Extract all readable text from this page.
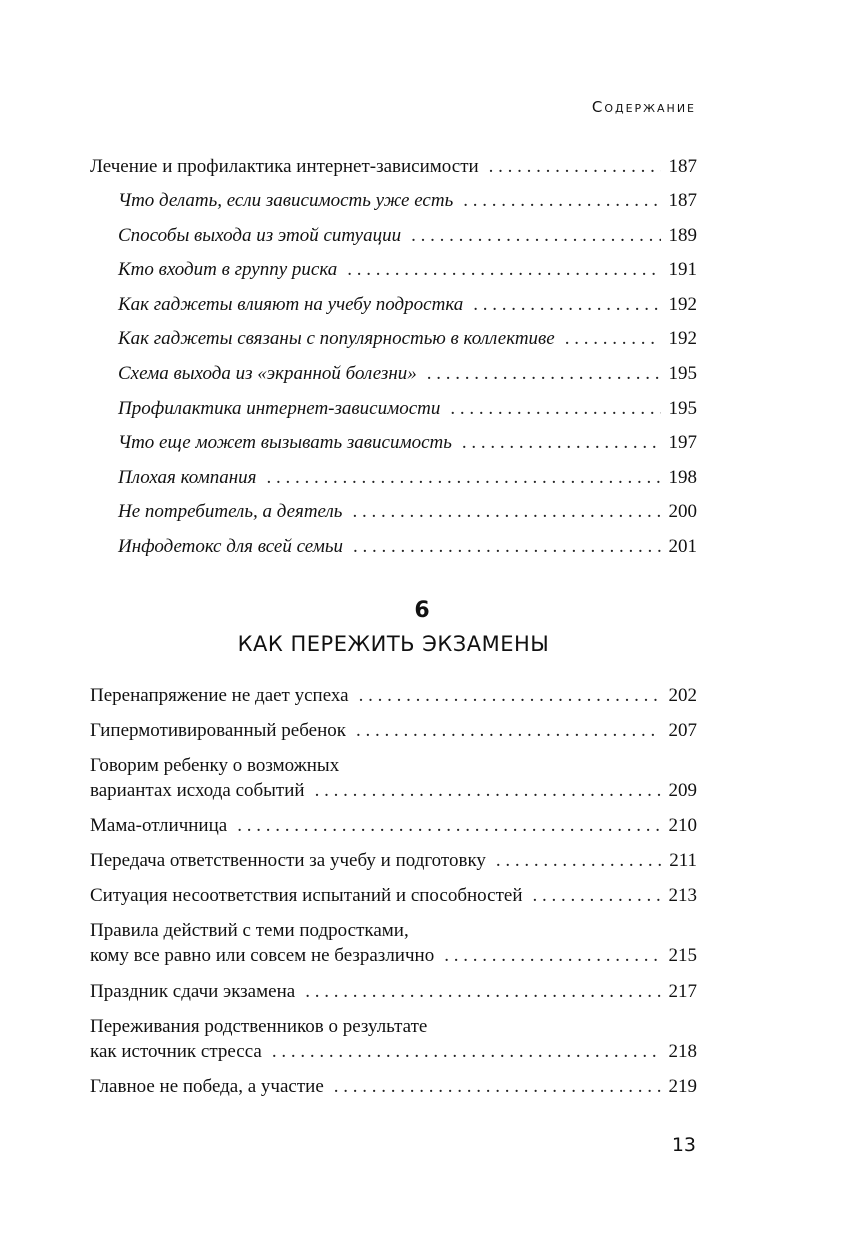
Содержание
Лечение и профилактика интернет-зависимости . . .	187
Что делать, если зависимость уже есть . . .	187
Способы выхода из этой ситуации . . .	189
Кто входит в группу риска . . .	191
Как гаджеты влияют на учебу подростка . . .	192
Как гаджеты связаны с популярностью в коллективе . . .	192
Схема выхода из «экранной болезни» . . .	195
Профилактика интернет-зависимости . . .	195
Что еще может вызывать зависимость . . .	197
Плохая компания . . .	198
Не потребитель, а деятель . . .	200
Инфодетокс для всей семьи . . .	201
6
КАК ПЕРЕЖИТЬ ЭКЗАМЕНЫ
Перенапряжение не дает успеха . . .	202
Гипермотивированный ребенок . . .	207
Говорим ребенку о возможных
вариантах исхода событий . . .	209
Мама-отличница . . .	210
Передача ответственности за учебу и подготовку . . .	211
Ситуация несоответствия испытаний и способностей . . .	213
Правила действий с теми подростками,
кому все равно или совсем не безразлично . . .	215
Праздник сдачи экзамена . . .	217
Переживания родственников о результате
как источник стресса . . .	218
Главное не победа, а участие . . .	219
13
